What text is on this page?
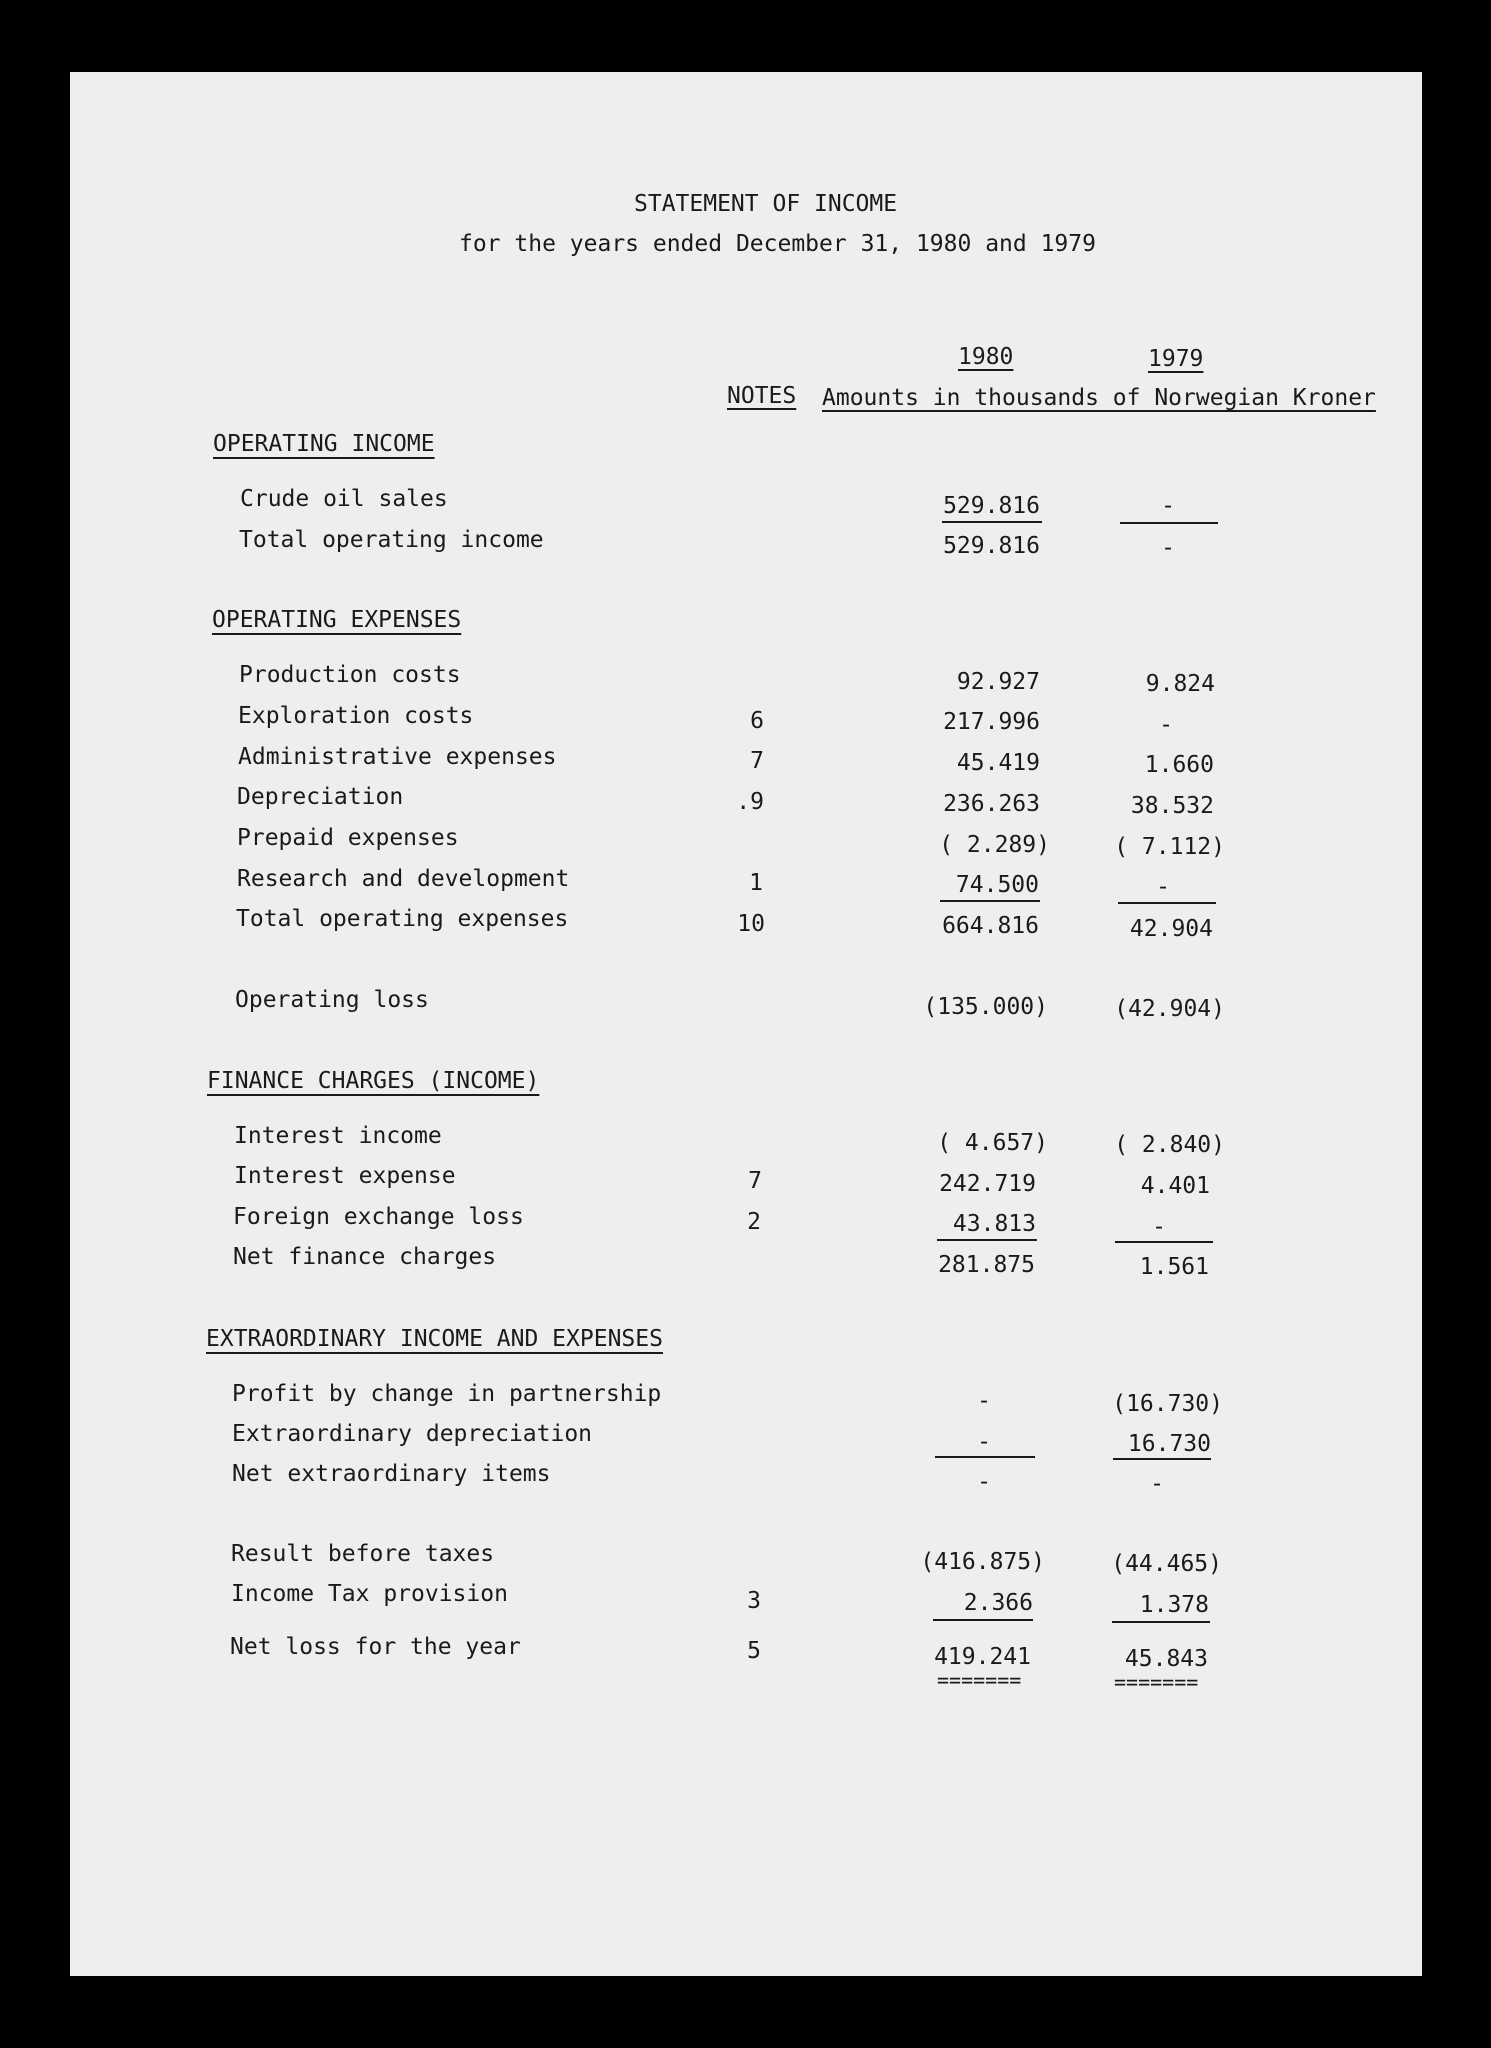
STATEMENT OF INCOME
for the years ended December 31, 1980 and 1979
1980	1979
NOTES Amounts in thousands of Norwegian Kroner
OPERATING INCOME
OPERATING EXPENSES
FINANCE CHARGES (INCOME)
EXTRAORDINARY INCOME AND EXPENSES
Crude oil sales
Total operating income
Production costs
Exploration costs
Administrative expenses
Depreciation
Prepaid expenses
Research and development
Total operating expenses
Operating loss
Interest income
Interest expense
Foreign exchange loss
Net finance charges
Profit by change in partnership
Extraordinary depreciation
Net extraordinary items
Result before taxes
Income Tax provision
Net loss for the year
6
7
.9
1
10
7
2
3
5
529.816
529.816
92.927
217.996
45.419
236.263
( 2.289)
74.500
664.816
(135.000)
( 4.657)
242.719
43.813
281.875
-
-
-
(416.875)
2.366
419.241
-
-
9.824
-
1.660
38.532
( 7.112)
-
42.904
(42.904)
( 2.840)
4.401
-
1.561
(16.730)
16.730
-
(44.465)
1.378
45.843
=======	=======
